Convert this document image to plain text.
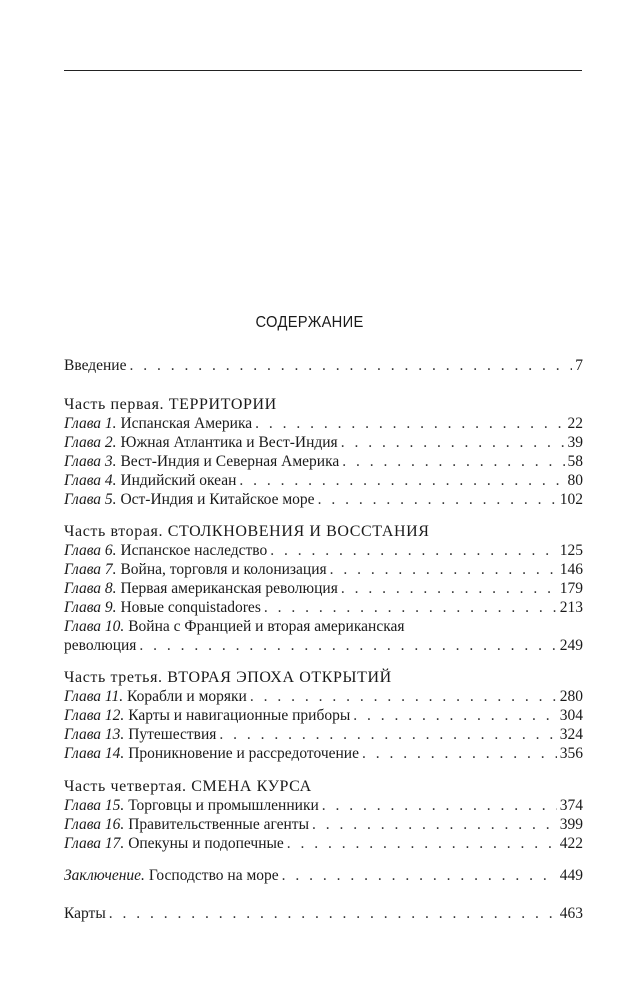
СОДЕРЖАНИЕ
Введение . . .	7
Часть первая. ТЕРРИТОРИИ
Глава 1. Испанская Америка . . .	22
Глава 2. Южная Атлантика и Вест-Индия . . .	39
Глава 3. Вест-Индия и Северная Америка . . .	58
Глава 4. Индийский океан . . .	80
Глава 5. Ост-Индия и Китайское море . . .	102
Часть вторая. СТОЛКНОВЕНИЯ И ВОССТАНИЯ
Глава 6. Испанское наследство . . .	125
Глава 7. Война, торговля и колонизация . . .	146
Глава 8. Первая американская революция . . .	179
Глава 9. Новые conquistadores . . .	213
Глава 10. Война с Францией и вторая американская
революция . . .	249
Часть третья. ВТОРАЯ ЭПОХА ОТКРЫТИЙ
Глава 11. Корабли и моряки . . .	280
Глава 12. Карты и навигационные приборы . . .	304
Глава 13. Путешествия . . .	324
Глава 14. Проникновение и рассредоточение . . .	356
Часть четвертая. СМЕНА КУРСА
Глава 15. Торговцы и промышленники . . .	374
Глава 16. Правительственные агенты . . .	399
Глава 17. Опекуны и подопечные . . .	422
Заключение. Господство на море . . .	449
Карты . . .	463
